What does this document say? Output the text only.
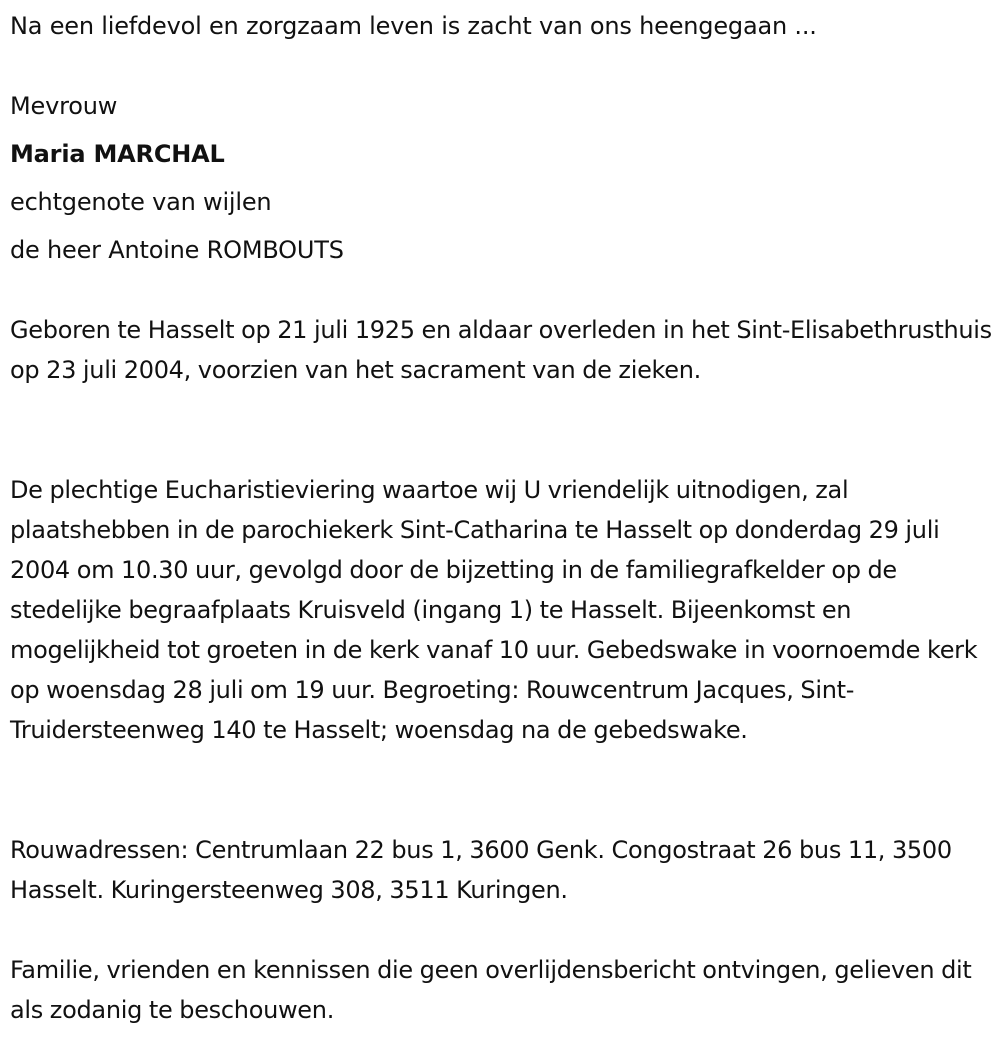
Na een liefdevol en zorgzaam leven is zacht van ons heengegaan ...
Mevrouw
Maria MARCHAL
echtgenote van wijlen
de heer Antoine ROMBOUTS
Geboren te Hasselt op 21 juli 1925 en aldaar overleden in het Sint-Elisabethrusthuis op 23 juli 2004, voorzien van het sacrament van de zieken.
De plechtige Eucharistieviering waartoe wij U vriendelijk uitnodigen, zal plaatshebben in de parochiekerk Sint-Catharina te Hasselt op donderdag 29 juli 2004 om 10.30 uur, gevolgd door de bijzetting in de familiegrafkelder op de stedelijke begraafplaats Kruisveld (ingang 1) te Hasselt. Bijeenkomst en mogelijkheid tot groeten in de kerk vanaf 10 uur. Gebedswake in voornoemde kerk op woensdag 28 juli om 19 uur. Begroeting: Rouwcentrum Jacques, Sint-Truidersteenweg 140 te Hasselt; woensdag na de gebedswake.
Rouwadressen: Centrumlaan 22 bus 1, 3600 Genk. Congostraat 26 bus 11, 3500 Hasselt. Kuringersteenweg 308, 3511 Kuringen.
Familie, vrienden en kennissen die geen overlijdensbericht ontvingen, gelieven dit als zodanig te beschouwen.
